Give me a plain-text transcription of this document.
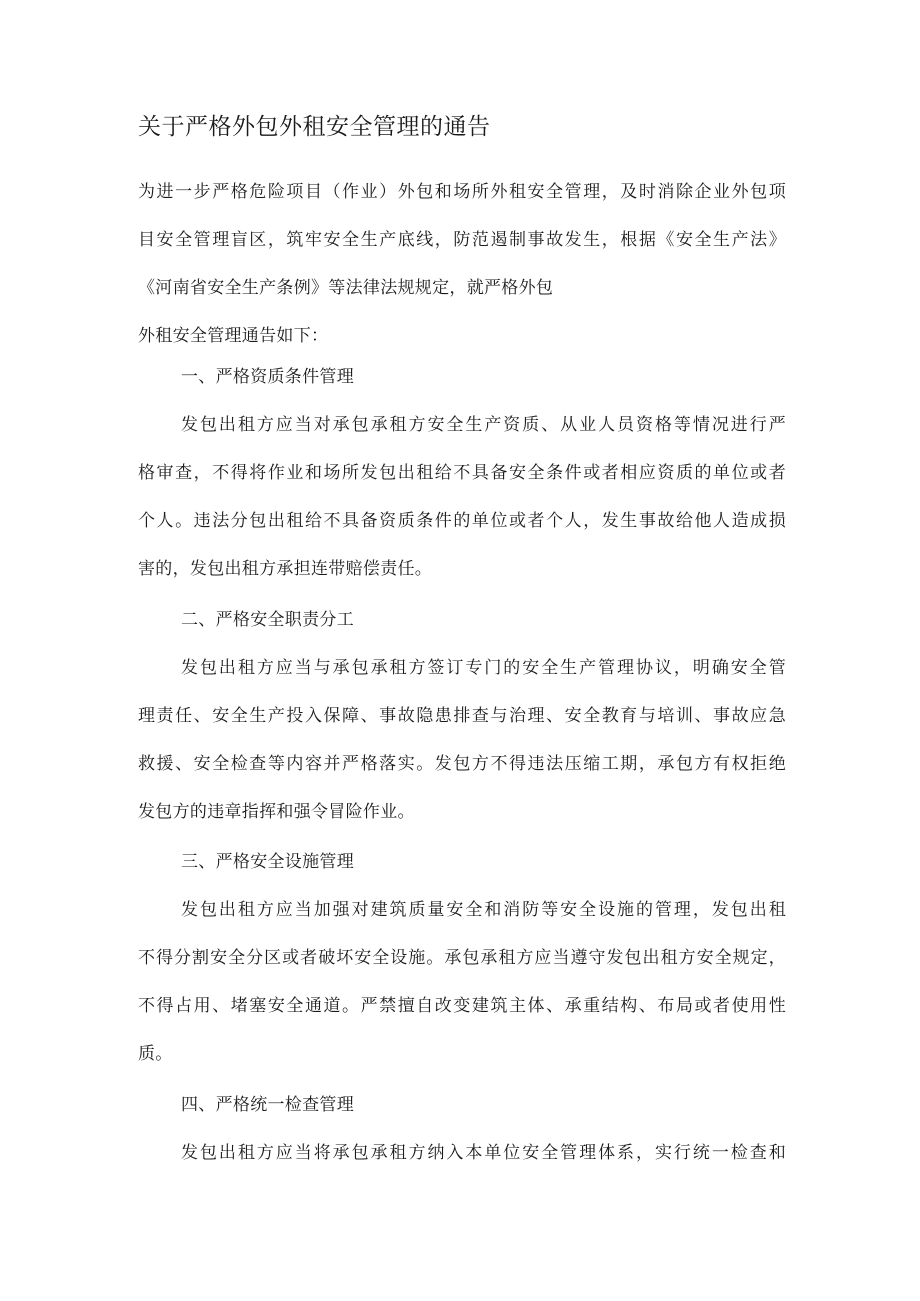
关于严格外包外租安全管理的通告
为进一步严格危险项目（作业）外包和场所外租安全管理，及时消除企业外包项
目安全管理盲区，筑牢安全生产底线，防范遏制事故发生，根据《安全生产法》
《河南省安全生产条例》等法律法规规定，就严格外包
外租安全管理通告如下：
一、严格资质条件管理
发包出租方应当对承包承租方安全生产资质、从业人员资格等情况进行严
格审查，不得将作业和场所发包出租给不具备安全条件或者相应资质的单位或者
个人。违法分包出租给不具备资质条件的单位或者个人，发生事故给他人造成损
害的，发包出租方承担连带赔偿责任。
二、严格安全职责分工
发包出租方应当与承包承租方签订专门的安全生产管理协议，明确安全管
理责任、安全生产投入保障、事故隐患排查与治理、安全教育与培训、事故应急
救援、安全检查等内容并严格落实。发包方不得违法压缩工期，承包方有权拒绝
发包方的违章指挥和强令冒险作业。
三、严格安全设施管理
发包出租方应当加强对建筑质量安全和消防等安全设施的管理，发包出租
不得分割安全分区或者破坏安全设施。承包承租方应当遵守发包出租方安全规定，
不得占用、堵塞安全通道。严禁擅自改变建筑主体、承重结构、布局或者使用性
质。
四、严格统一检查管理
发包出租方应当将承包承租方纳入本单位安全管理体系，实行统一检查和
